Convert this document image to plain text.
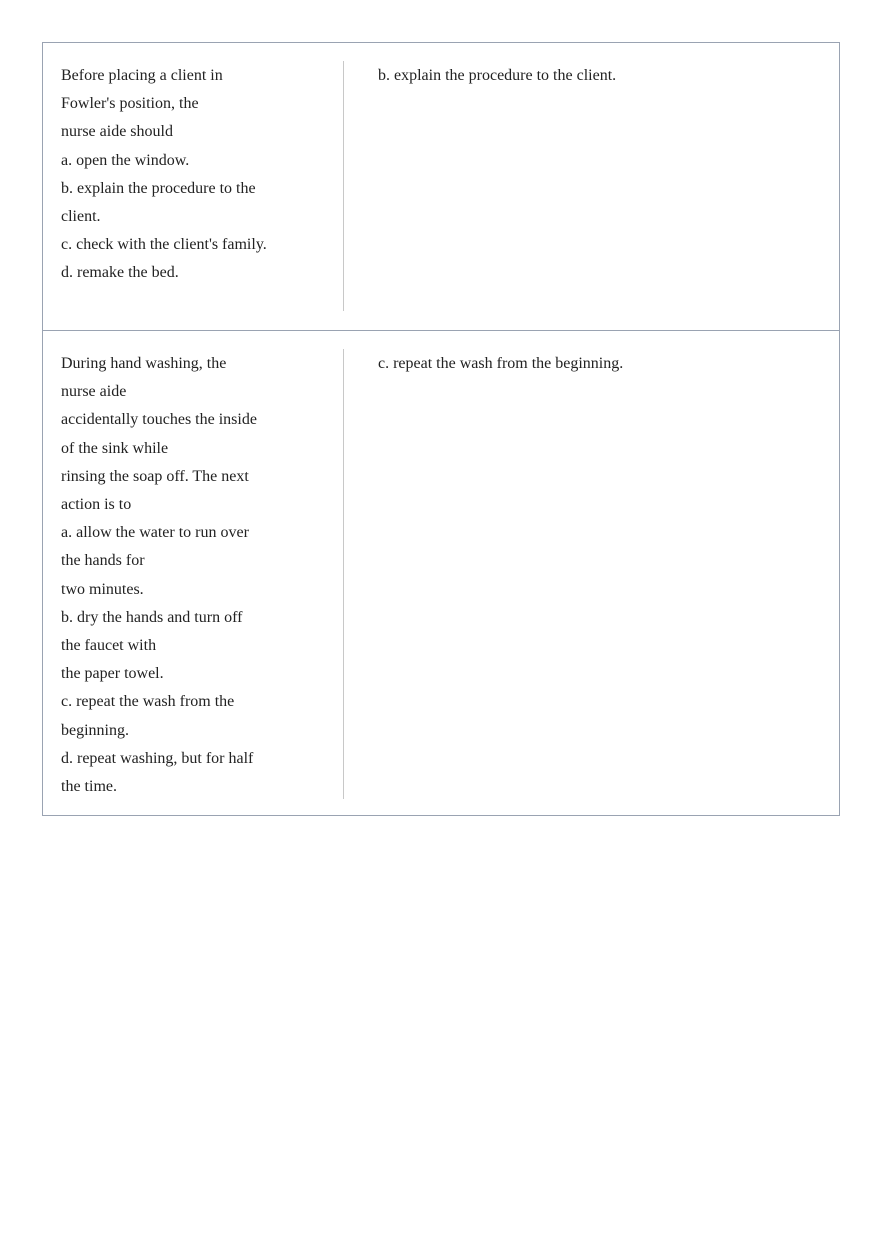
Before placing a client in
Fowler's position, the
nurse aide should
a. open the window.
b. explain the procedure to the
client.
c. check with the client's family.
d. remake the bed.
b. explain the procedure to the client.
During hand washing, the
nurse aide
accidentally touches the inside
of the sink while
rinsing the soap off. The next
action is to
a. allow the water to run over
the hands for
two minutes.
b. dry the hands and turn off
the faucet with
the paper towel.
c. repeat the wash from the
beginning.
d. repeat washing, but for half
the time.
c. repeat the wash from the beginning.
